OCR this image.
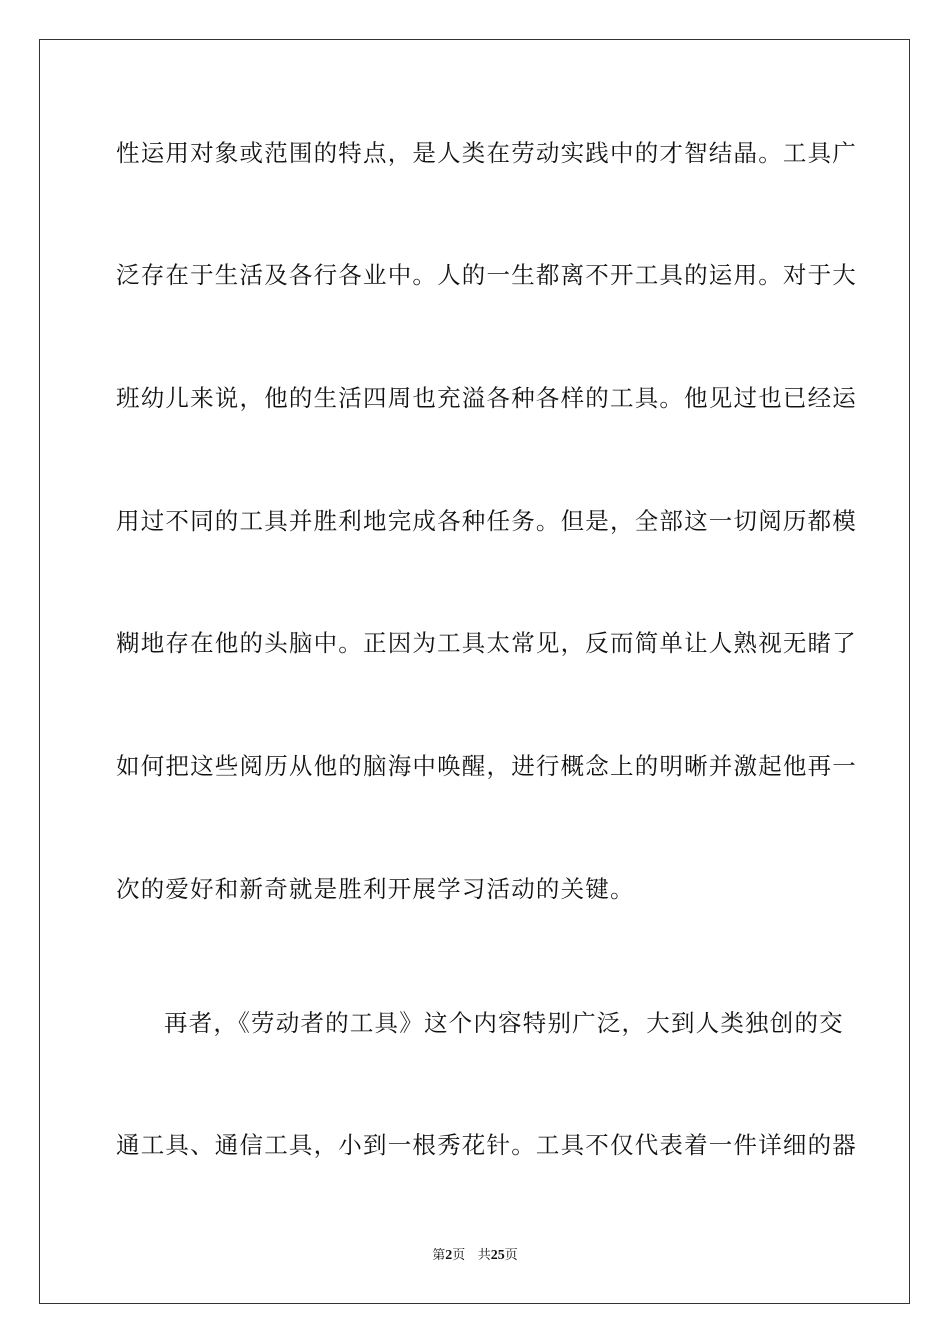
性运用对象或范围的特点，是人类在劳动实践中的才智结晶。工具广
泛存在于生活及各行各业中。人的一生都离不开工具的运用。对于大
班幼儿来说，他的生活四周也充溢各种各样的工具。他见过也已经运
用过不同的工具并胜利地完成各种任务。但是，全部这一切阅历都模
糊地存在他的头脑中。正因为工具太常见，反而简单让人熟视无睹了
如何把这些阅历从他的脑海中唤醒，进行概念上的明晰并激起他再一
次的爱好和新奇就是胜利开展学习活动的关键。
再者，《劳动者的工具》这个内容特别广泛，大到人类独创的交
通工具、通信工具，小到一根秀花针。工具不仅代表着一件详细的器
第2页 共25页
